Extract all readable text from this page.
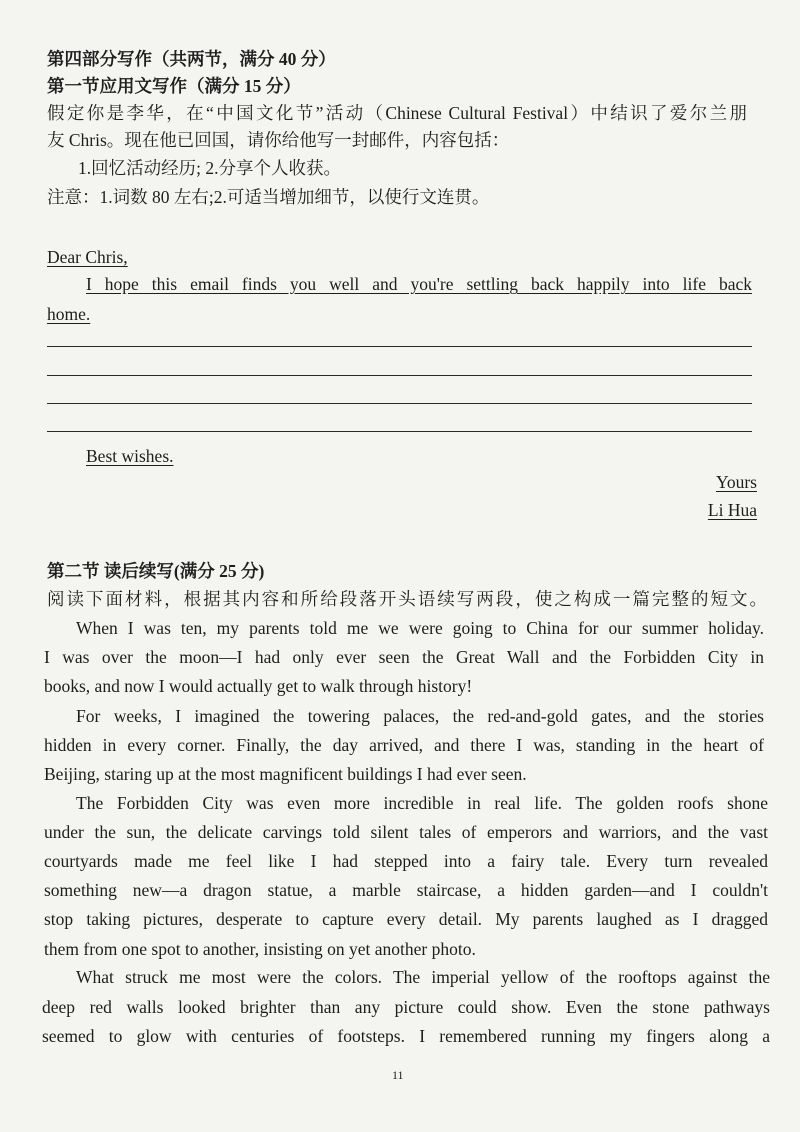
第四部分写作（共两节，满分 40 分）
第一节应用文写作（满分 15 分）
假定你是李华，在“中国文化节”活动（Chinese Cultural Festival）中结识了爱尔兰朋
友 Chris。现在他已回国，请你给他写一封邮件，内容包括：
1.回忆活动经历; 2.分享个人收获。
注意：1.词数 80 左右;2.可适当增加细节，以使行文连贯。
Dear Chris,
I hope this email finds you well and you're settling back happily into life back
home.
Best wishes.
Yours
Li Hua
第二节 读后续写(满分 25 分)
阅读下面材料，根据其内容和所给段落开头语续写两段，使之构成一篇完整的短文。
When I was ten, my parents told me we were going to China for our summer holiday.
I was over the moon—I had only ever seen the Great Wall and the Forbidden City in
books, and now I would actually get to walk through history!
For weeks, I imagined the towering palaces, the red-and-gold gates, and the stories
hidden in every corner. Finally, the day arrived, and there I was, standing in the heart of
Beijing, staring up at the most magnificent buildings I had ever seen.
The Forbidden City was even more incredible in real life. The golden roofs shone
under the sun, the delicate carvings told silent tales of emperors and warriors, and the vast
courtyards made me feel like I had stepped into a fairy tale. Every turn revealed
something new—a dragon statue, a marble staircase, a hidden garden—and I couldn't
stop taking pictures, desperate to capture every detail. My parents laughed as I dragged
them from one spot to another, insisting on yet another photo.
What struck me most were the colors. The imperial yellow of the rooftops against the
deep red walls looked brighter than any picture could show. Even the stone pathways
seemed to glow with centuries of footsteps. I remembered running my fingers along a
11
